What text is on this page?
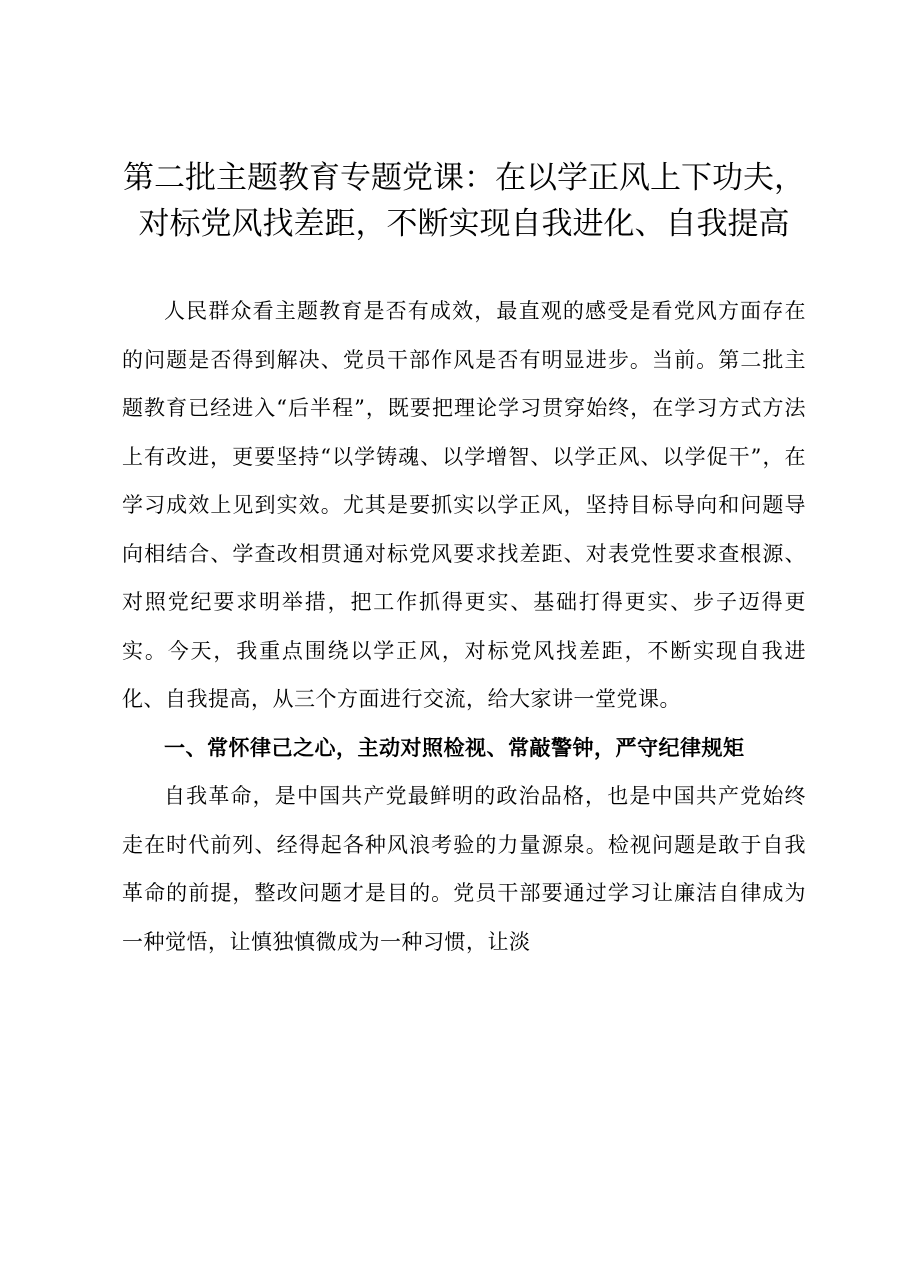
第二批主题教育专题党课：在以学正风上下功夫，对标党风找差距，不断实现自我进化、自我提高

人民群众看主题教育是否有成效，最直观的感受是看党风方面存在的问题是否得到解决、党员干部作风是否有明显进步。当前。第二批主题教育已经进入“后半程”，既要把理论学习贯穿始终，在学习方式方法上有改进，更要坚持“以学铸魂、以学增智、以学正风、以学促干”，在学习成效上见到实效。尤其是要抓实以学正风，坚持目标导向和问题导向相结合、学查改相贯通对标党风要求找差距、对表党性要求查根源、对照党纪要求明举措，把工作抓得更实、基础打得更实、步子迈得更实。今天，我重点围绕以学正风，对标党风找差距，不断实现自我进化、自我提高，从三个方面进行交流，给大家讲一堂党课。

一、常怀律己之心，主动对照检视、常敲警钟，严守纪律规矩

自我革命，是中国共产党最鲜明的政治品格，也是中国共产党始终走在时代前列、经得起各种风浪考验的力量源泉。检视问题是敢于自我革命的前提，整改问题才是目的。党员干部要通过学习让廉洁自律成为一种觉悟，让慎独慎微成为一种习惯，让淡
